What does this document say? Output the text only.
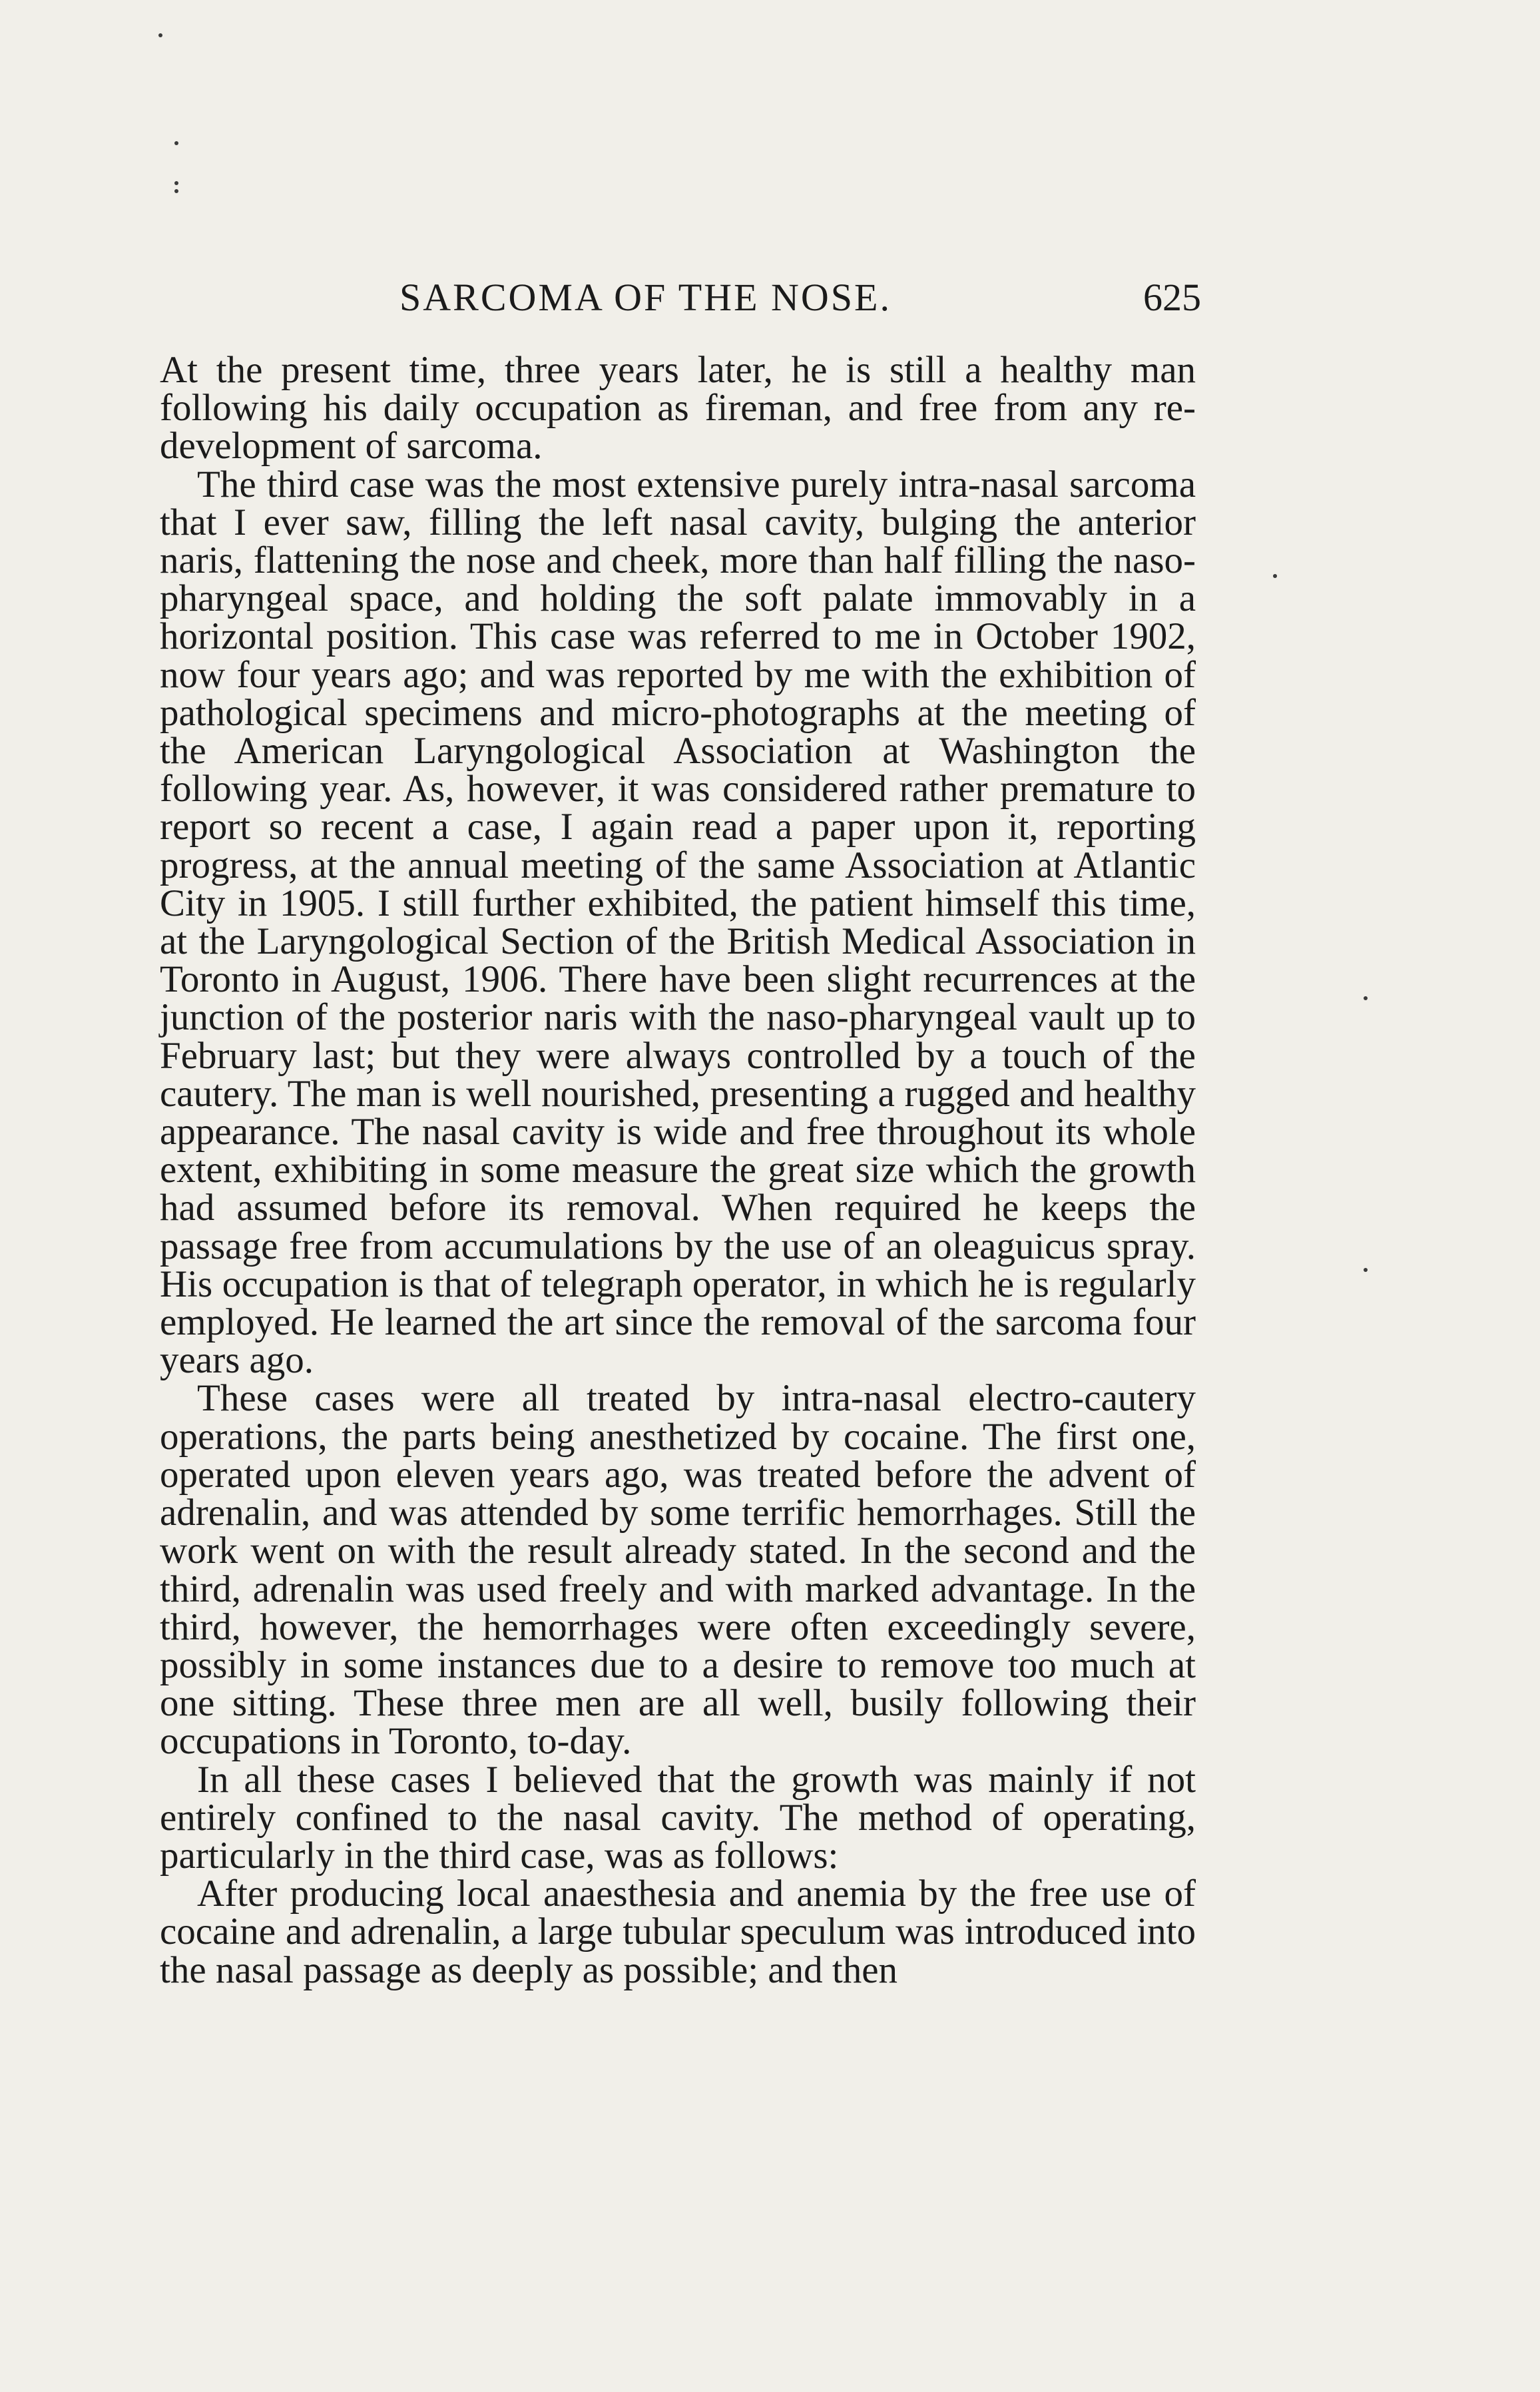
SARCOMA OF THE NOSE.	625

At the present time, three years later, he is still a healthy man following his daily occupation as fireman, and free from any re-development of sarcoma.

The third case was the most extensive purely intra-nasal sarcoma that I ever saw, filling the left nasal cavity, bulging the anterior naris, flattening the nose and cheek, more than half filling the naso-pharyngeal space, and holding the soft palate immovably in a horizontal position. This case was referred to me in October 1902, now four years ago; and was reported by me with the exhibition of pathological specimens and micro-photographs at the meeting of the American Laryngological Association at Washington the following year. As, however, it was considered rather premature to report so recent a case, I again read a paper upon it, reporting progress, at the annual meeting of the same Association at Atlantic City in 1905. I still further exhibited, the patient himself this time, at the Laryngological Section of the British Medical Association in Toronto in August, 1906. There have been slight recurrences at the junction of the posterior naris with the naso-pharyngeal vault up to February last; but they were always controlled by a touch of the cautery. The man is well nourished, presenting a rugged and healthy appearance. The nasal cavity is wide and free throughout its whole extent, exhibiting in some measure the great size which the growth had assumed before its removal. When required he keeps the passage free from accumulations by the use of an oleaguicus spray. His occupation is that of telegraph operator, in which he is regularly employed. He learned the art since the removal of the sarcoma four years ago.

These cases were all treated by intra-nasal electro-cautery operations, the parts being anesthetized by cocaine. The first one, operated upon eleven years ago, was treated before the advent of adrenalin, and was attended by some terrific hemorrhages. Still the work went on with the result already stated. In the second and the third, adrenalin was used freely and with marked advantage. In the third, however, the hemorrhages were often exceedingly severe, possibly in some instances due to a desire to remove too much at one sitting. These three men are all well, busily following their occupations in Toronto, to-day.

In all these cases I believed that the growth was mainly if not entirely confined to the nasal cavity. The method of operating, particularly in the third case, was as follows:

After producing local anaesthesia and anemia by the free use of cocaine and adrenalin, a large tubular speculum was introduced into the nasal passage as deeply as possible; and then
